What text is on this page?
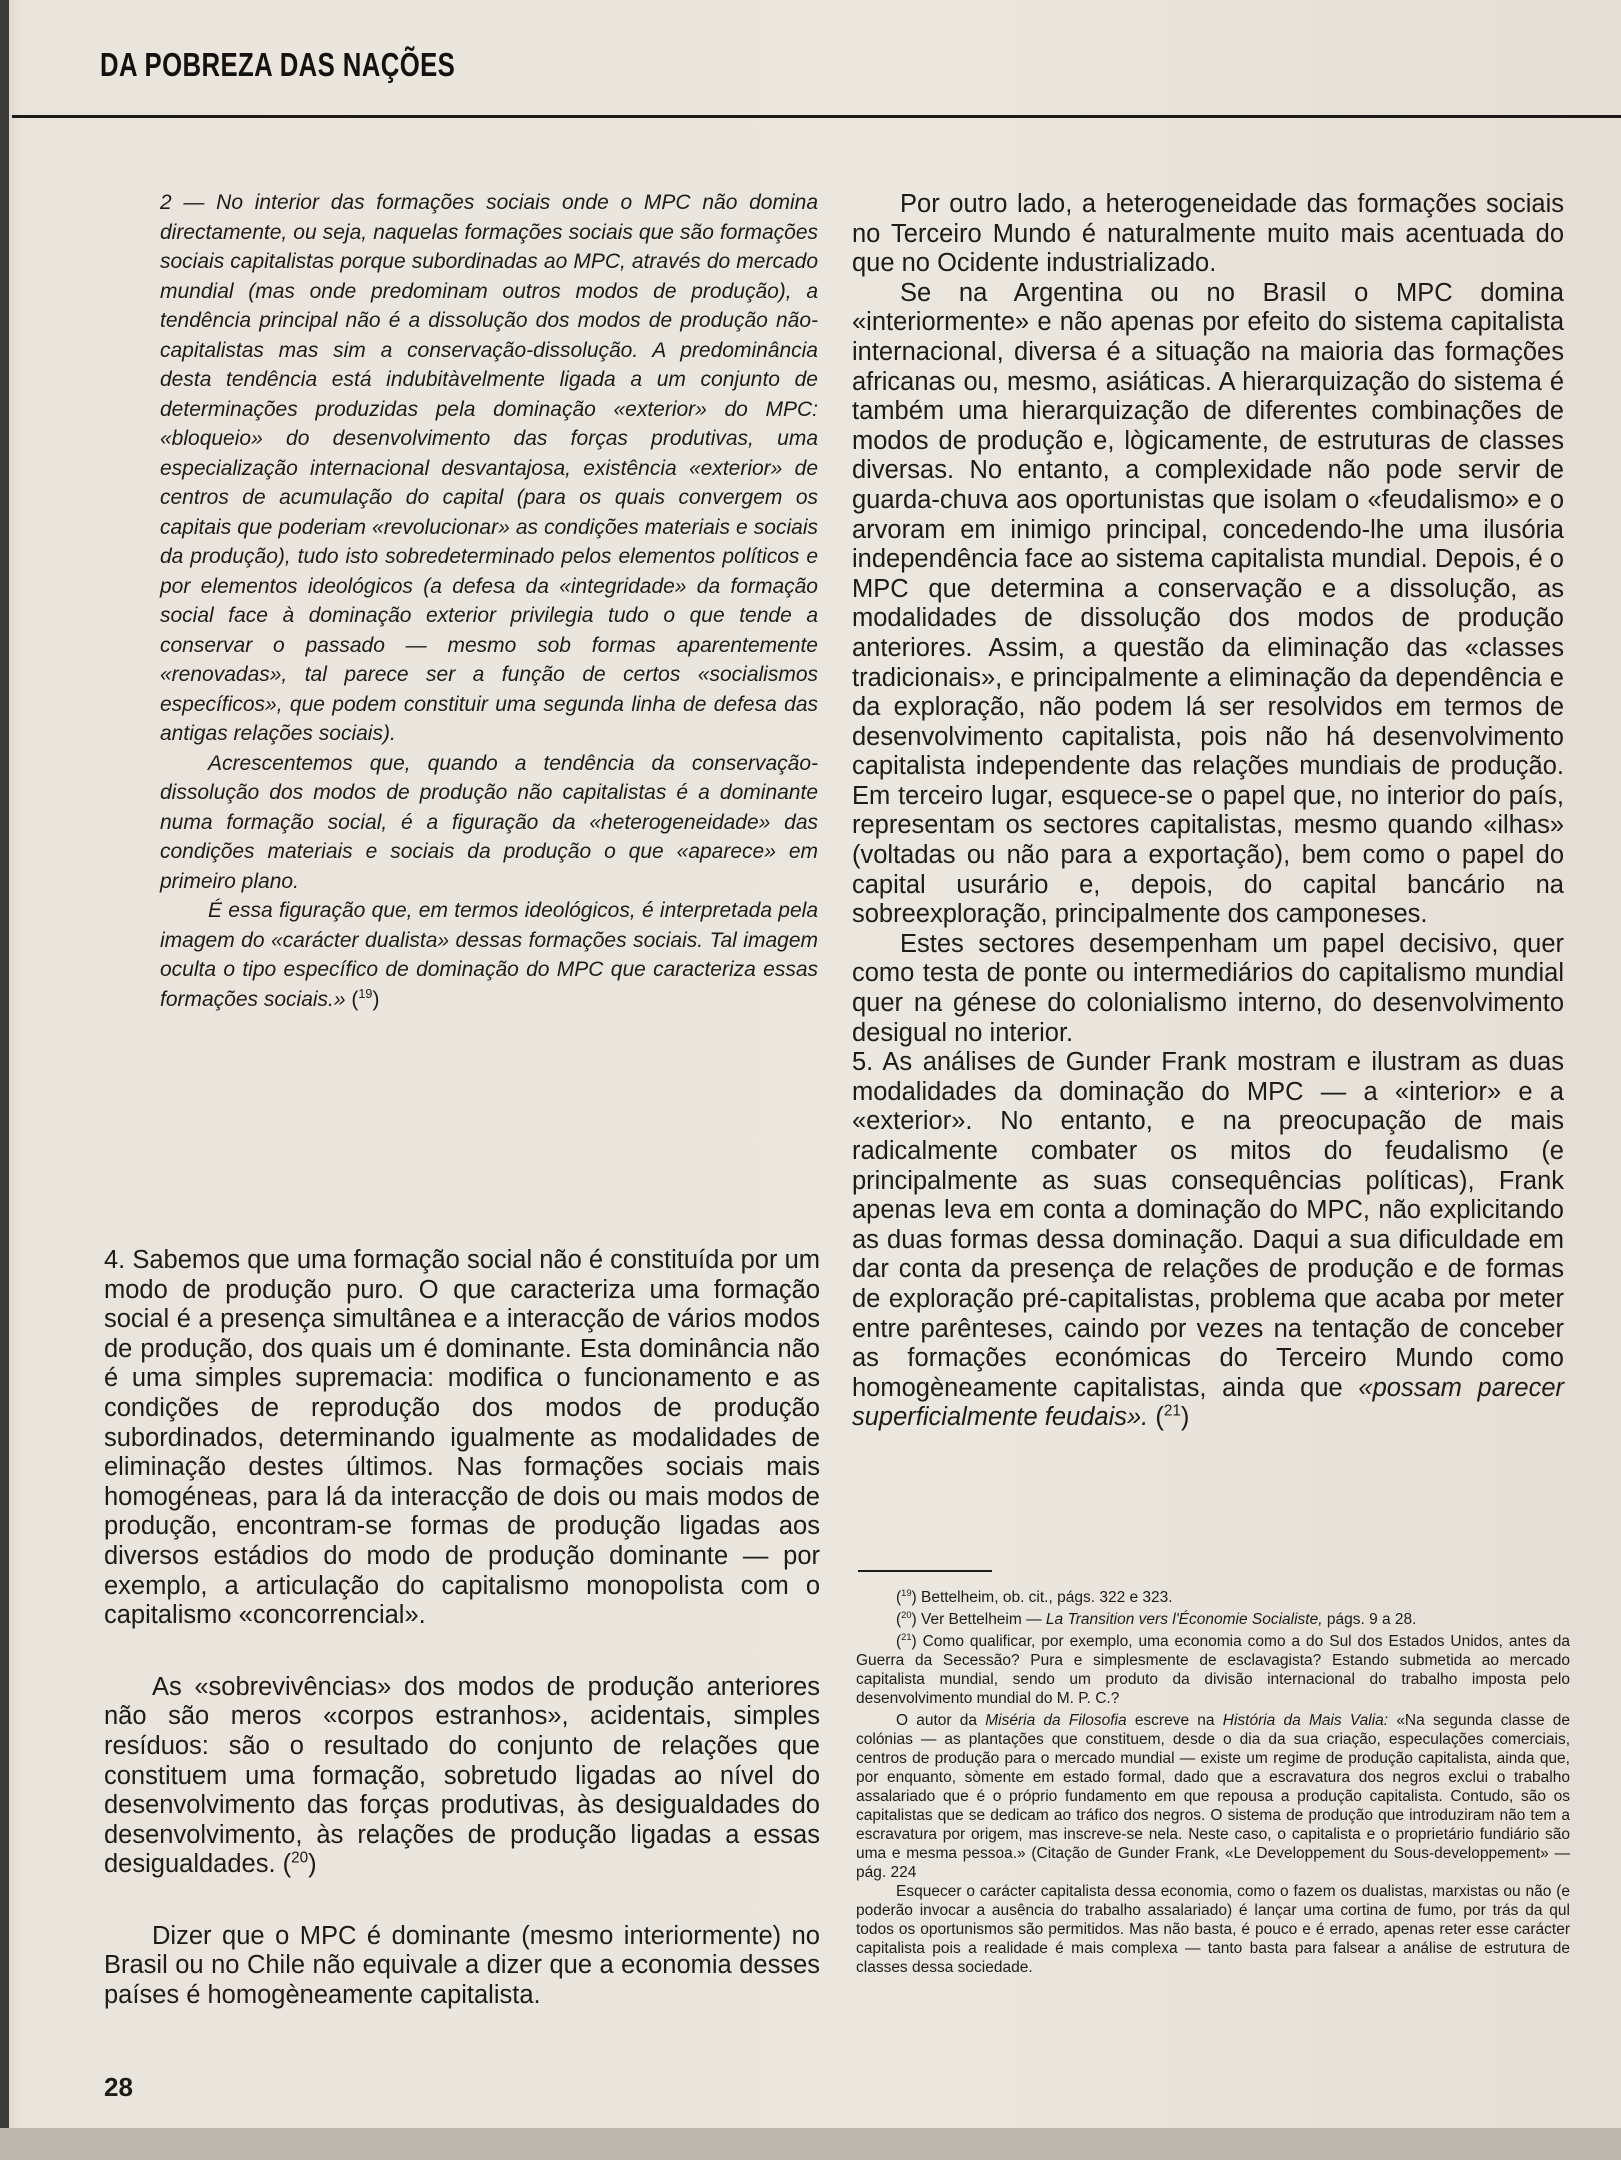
DA POBREZA DAS NAÇÕES

2 — No interior das formações sociais onde o MPC não domina directamente, ou seja, naquelas formações sociais que são formações sociais capitalistas porque subordinadas ao MPC, através do mercado mundial (mas onde predominam outros modos de produção), a tendência principal não é a dissolução dos modos de produção não-capitalistas mas sim a conservação-dissolução. A predominância desta tendência está indubitàvelmente ligada a um conjunto de determinações produzidas pela dominação «exterior» do MPC: «bloqueio» do desenvolvimento das forças produtivas, uma especialização internacional desvantajosa, existência «exterior» de centros de acumulação do capital (para os quais convergem os capitais que poderiam «revolucionar» as condições materiais e sociais da produção), tudo isto sobredeterminado pelos elementos políticos e por elementos ideológicos (a defesa da «integridade» da formação social face à dominação exterior privilegia tudo o que tende a conservar o passado — mesmo sob formas aparentemente «renovadas», tal parece ser a função de certos «socialismos específicos», que podem constituir uma segunda linha de defesa das antigas relações sociais).

Acrescentemos que, quando a tendência da conservação-dissolução dos modos de produção não capitalistas é a dominante numa formação social, é a figuração da «heterogeneidade» das condições materiais e sociais da produção o que «aparece» em primeiro plano.

É essa figuração que, em termos ideológicos, é interpretada pela imagem do «carácter dualista» dessas formações sociais. Tal imagem oculta o tipo específico de dominação do MPC que caracteriza essas formações sociais.» ($^{19}$)

4. Sabemos que uma formação social não é constituída por um modo de produção puro. O que caracteriza uma formação social é a presença simultânea e a interacção de vários modos de produção, dos quais um é dominante. Esta dominância não é uma simples supremacia: modifica o funcionamento e as condições de reprodução dos modos de produção subordinados, determinando igualmente as modalidades de eliminação destes últimos. Nas formações sociais mais homogéneas, para lá da interacção de dois ou mais modos de produção, encontram-se formas de produção ligadas aos diversos estádios do modo de produção dominante — por exemplo, a articulação do capitalismo monopolista com o capitalismo «concorrencial».

As «sobrevivências» dos modos de produção anteriores não são meros «corpos estranhos», acidentais, simples resíduos: são o resultado do conjunto de relações que constituem uma formação, sobretudo ligadas ao nível do desenvolvimento das forças produtivas, às desigualdades do desenvolvimento, às relações de produção ligadas a essas desigualdades. ($^{20}$)

Dizer que o MPC é dominante (mesmo interiormente) no Brasil ou no Chile não equivale a dizer que a economia desses países é homogèneamente capitalista.

Por outro lado, a heterogeneidade das formações sociais no Terceiro Mundo é naturalmente muito mais acentuada do que no Ocidente industrializado.

Se na Argentina ou no Brasil o MPC domina «interiormente» e não apenas por efeito do sistema capitalista internacional, diversa é a situação na maioria das formações africanas ou, mesmo, asiáticas. A hierarquização do sistema é também uma hierarquização de diferentes combinações de modos de produção e, lògicamente, de estruturas de classes diversas. No entanto, a complexidade não pode servir de guarda-chuva aos oportunistas que isolam o «feudalismo» e o arvoram em inimigo principal, concedendo-lhe uma ilusória independência face ao sistema capitalista mundial. Depois, é o MPC que determina a conservação e a dissolução, as modalidades de dissolução dos modos de produção anteriores. Assim, a questão da eliminação das «classes tradicionais», e principalmente a eliminação da dependência e da exploração, não podem lá ser resolvidos em termos de desenvolvimento capitalista, pois não há desenvolvimento capitalista independente das relações mundiais de produção. Em terceiro lugar, esquece-se o papel que, no interior do país, representam os sectores capitalistas, mesmo quando «ilhas» (voltadas ou não para a exportação), bem como o papel do capital usurário e, depois, do capital bancário na sobreexploração, principalmente dos camponeses.

Estes sectores desempenham um papel decisivo, quer como testa de ponte ou intermediários do capitalismo mundial quer na génese do colonialismo interno, do desenvolvimento desigual no interior.

5. As análises de Gunder Frank mostram e ilustram as duas modalidades da dominação do MPC — a «interior» e a «exterior». No entanto, e na preocupação de mais radicalmente combater os mitos do feudalismo (e principalmente as suas consequências políticas), Frank apenas leva em conta a dominação do MPC, não explicitando as duas formas dessa dominação. Daqui a sua dificuldade em dar conta da presença de relações de produção e de formas de exploração pré-capitalistas, problema que acaba por meter entre parênteses, caindo por vezes na tentação de conceber as formações económicas do Terceiro Mundo como homogèneamente capitalistas, ainda que «possam parecer superficialmente feudais». ($^{21}$)

($^{19}$) Bettelheim, ob. cit., págs. 322 e 323.

($^{20}$) Ver Bettelheim — La Transition vers l'Économie Socialiste, págs. 9 a 28.

($^{21}$) Como qualificar, por exemplo, uma economia como a do Sul dos Estados Unidos, antes da Guerra da Secessão? Pura e simplesmente de esclavagista? Estando submetida ao mercado capitalista mundial, sendo um produto da divisão internacional do trabalho imposta pelo desenvolvimento mundial do M. P. C.?

O autor da Miséria da Filosofia escreve na História da Mais Valia: «Na segunda classe de colónias — as plantações que constituem, desde o dia da sua criação, especulações comerciais, centros de produção para o mercado mundial — existe um regime de produção capitalista, ainda que, por enquanto, sòmente em estado formal, dado que a escravatura dos negros exclui o trabalho assalariado que é o próprio fundamento em que repousa a produção capitalista. Contudo, são os capitalistas que se dedicam ao tráfico dos negros. O sistema de produção que introduziram não tem a escravatura por origem, mas inscreve-se nela. Neste caso, o capitalista e o proprietário fundiário são uma e mesma pessoa.» (Citação de Gunder Frank, «Le Developpement du Sous-developpement» — pág. 224

Esquecer o carácter capitalista dessa economia, como o fazem os dualistas, marxistas ou não (e poderão invocar a ausência do trabalho assalariado) é lançar uma cortina de fumo, por trás da qul todos os oportunismos são permitidos. Mas não basta, é pouco e é errado, apenas reter esse carácter capitalista pois a realidade é mais complexa — tanto basta para falsear a análise de estrutura de classes dessa sociedade.

28
